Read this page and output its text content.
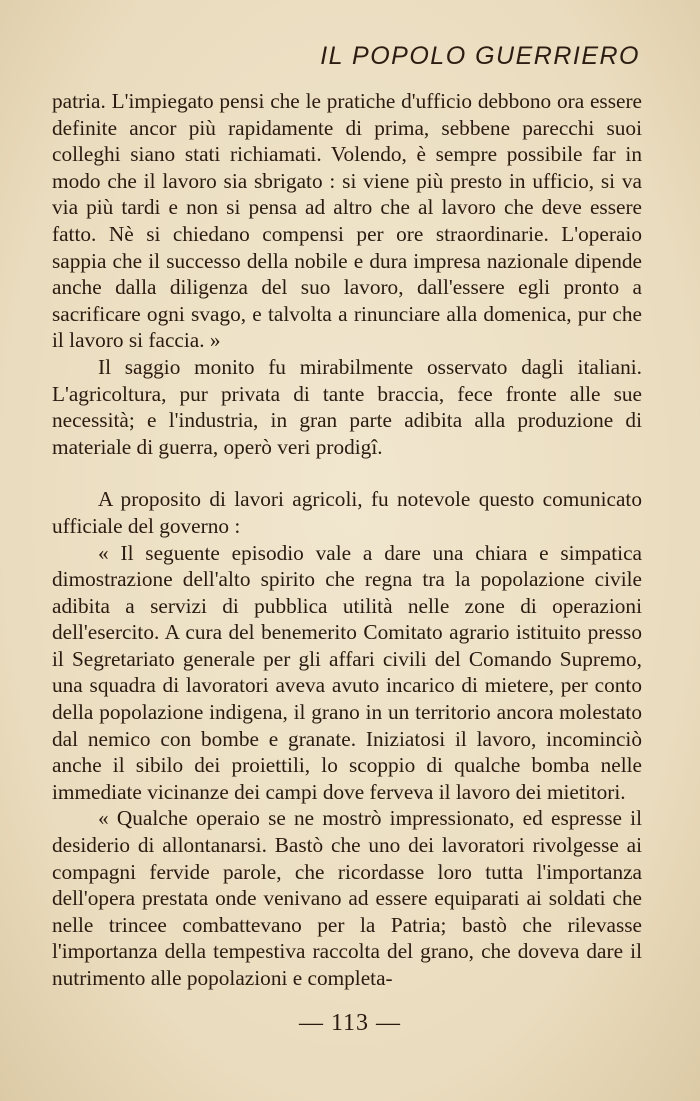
IL POPOLO GUERRIERO

patria. L'impiegato pensi che le pratiche d'ufficio debbono ora essere definite ancor più rapidamente di prima, sebbene parecchi suoi colleghi siano stati richiamati. Volendo, è sempre possibile far in modo che il lavoro sia sbrigato : si viene più presto in ufficio, si va via più tardi e non si pensa ad altro che al lavoro che deve essere fatto. Nè si chiedano compensi per ore straordinarie. L'operaio sappia che il successo della nobile e dura impresa nazionale dipende anche dalla diligenza del suo lavoro, dall'essere egli pronto a sacrificare ogni svago, e talvolta a rinunciare alla domenica, pur che il lavoro si faccia. »

Il saggio monito fu mirabilmente osservato dagli italiani. L'agricoltura, pur privata di tante braccia, fece fronte alle sue necessità; e l'industria, in gran parte adibita alla produzione di materiale di guerra, operò veri prodigî.

A proposito di lavori agricoli, fu notevole questo comunicato ufficiale del governo :

« Il seguente episodio vale a dare una chiara e simpatica dimostrazione dell'alto spirito che regna tra la popolazione civile adibita a servizi di pubblica utilità nelle zone di operazioni dell'esercito. A cura del benemerito Comitato agrario istituito presso il Segretariato generale per gli affari civili del Comando Supremo, una squadra di lavoratori aveva avuto incarico di mietere, per conto della popolazione indigena, il grano in un territorio ancora molestato dal nemico con bombe e granate. Iniziatosi il lavoro, incominciò anche il sibilo dei proiettili, lo scoppio di qualche bomba nelle immediate vicinanze dei campi dove ferveva il lavoro dei mietitori.

« Qualche operaio se ne mostrò impressionato, ed espresse il desiderio di allontanarsi. Bastò che uno dei lavoratori rivolgesse ai compagni fervide parole, che ricordasse loro tutta l'importanza dell'opera prestata onde venivano ad essere equiparati ai soldati che nelle trincee combattevano per la Patria; bastò che rilevasse l'importanza della tempestiva raccolta del grano, che doveva dare il nutrimento alle popolazioni e completa-

— 113 —
